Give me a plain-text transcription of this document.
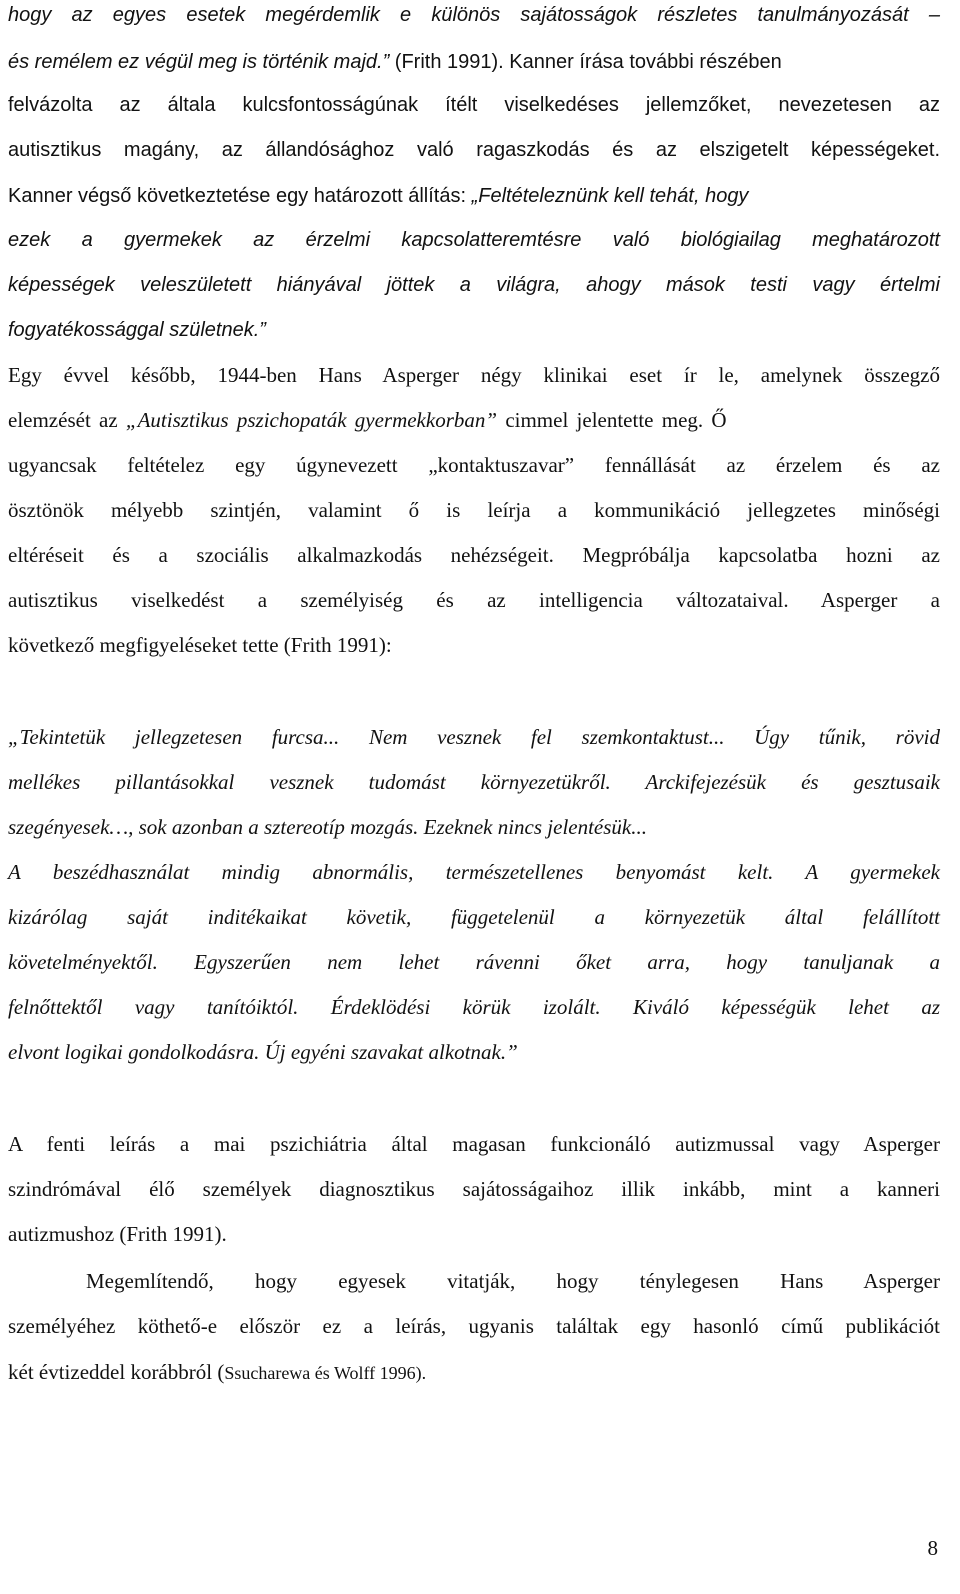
hogy az egyes esetek megérdemlik e különös sajátosságok részletes tanulmányozását –
és remélem ez végül meg is történik majd.” (Frith 1991). Kanner írása további részében
felvázolta az általa kulcsfontosságúnak ítélt viselkedéses jellemzőket, nevezetesen az
autisztikus magány, az állandósághoz való ragaszkodás és az elszigetelt képességeket.
Kanner végső következtetése egy határozott állítás: „Feltételeznünk kell tehát, hogy
ezek a gyermekek az érzelmi kapcsolatteremtésre való biológiailag meghatározott
képességek veleszületett hiányával jöttek a világra, ahogy mások testi vagy értelmi
fogyatékossággal születnek.”
Egy évvel később, 1944-ben Hans Asperger négy klinikai eset ír le, amelynek összegző
elemzését az „Autisztikus pszichopaták gyermekkorban” cimmel jelentette meg. Ő
ugyancsak feltételez egy úgynevezett „kontaktuszavar” fennállását az érzelem és az
ösztönök mélyebb szintjén, valamint ő is leírja a kommunikáció jellegzetes minőségi
eltéréseit és a szociális alkalmazkodás nehézségeit. Megpróbálja kapcsolatba hozni az
autisztikus viselkedést a személyiség és az intelligencia változataival. Asperger a
következő megfigyeléseket tette (Frith 1991):
„Tekintetük jellegzetesen furcsa... Nem vesznek fel szemkontaktust... Úgy tűnik, rövid
mellékes pillantásokkal vesznek tudomást környezetükről. Arckifejezésük és gesztusaik
szegényesek…, sok azonban a sztereotíp mozgás. Ezeknek nincs jelentésük...
A beszédhasználat mindig abnormális, természetellenes benyomást kelt. A gyermekek
kizárólag saját inditékaikat követik, függetelenül a környezetük által felállított
követelményektől. Egyszerűen nem lehet rávenni őket arra, hogy tanuljanak a
felnőttektől vagy tanítóiktól. Érdeklödési körük izolált. Kiváló képességük lehet az
elvont logikai gondolkodásra. Új egyéni szavakat alkotnak.”
A fenti leírás a mai pszichiátria által magasan funkcionáló autizmussal vagy Asperger
szindrómával élő személyek diagnosztikus sajátosságaihoz illik inkább, mint a kanneri
autizmushoz (Frith 1991).
Megemlítendő, hogy egyesek vitatják, hogy ténylegesen Hans Asperger
személyéhez köthető-e először ez a leírás, ugyanis találtak egy hasonló című publikációt
két évtizeddel korábbról (Ssucharewa és Wolff 1996).
8
